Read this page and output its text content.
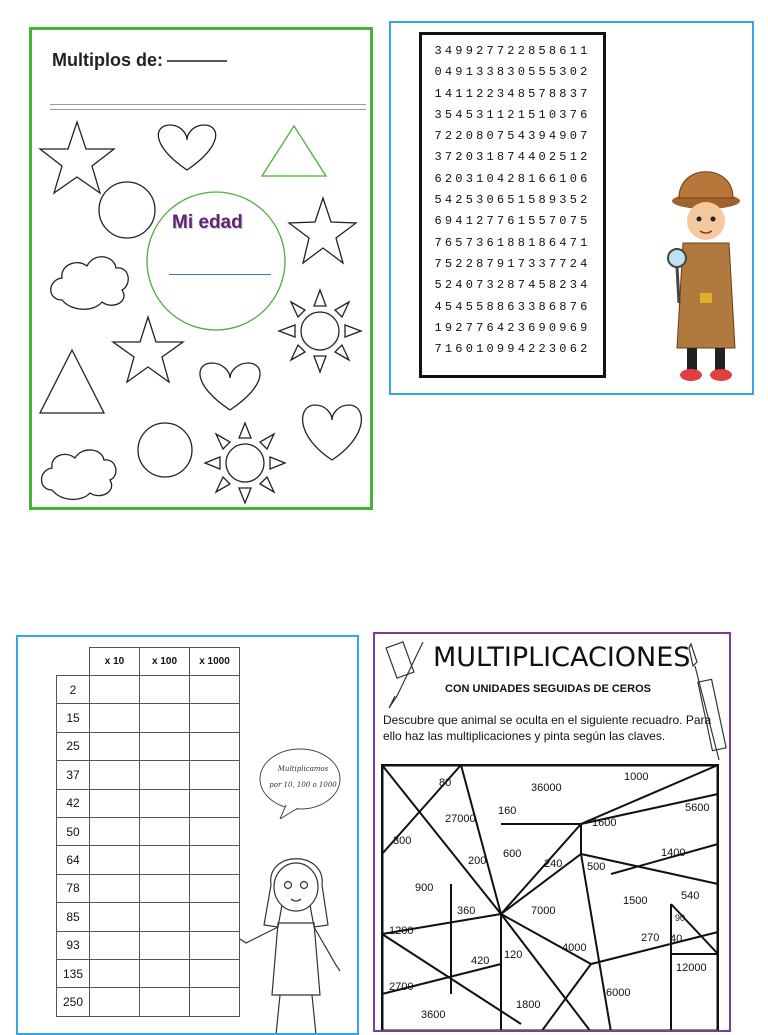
Multiplos de:
Mi edad
349927722858611
049133830555302
141122348578837
354531121510376
722080754394907
372031874402512
620310428166106
542530651589352
694127761557075
765736188186471
752287917337724
524073287458234
454558863386876
192776423690969
716010994223062
	x 10	x 100	x 1000
2			
15			
25			
37			
42			
50			
64			
78			
85			
93			
135			
250			
Multiplicamos
por 10, 100 o 1000
MULTIPLICACIONES
CON UNIDADES SEGUIDAS DE CEROS
Descubre que animal se oculta en el siguiente recuadro. Para ello haz las multiplicaciones y pinta según las claves.
80	36000
1000
5600
27000
160
1600
300
200
600
240 500
1400
900
1500	540
360	7000
90
1200
4000
270 40
420 120
12000
2700
1800
6000
3600
